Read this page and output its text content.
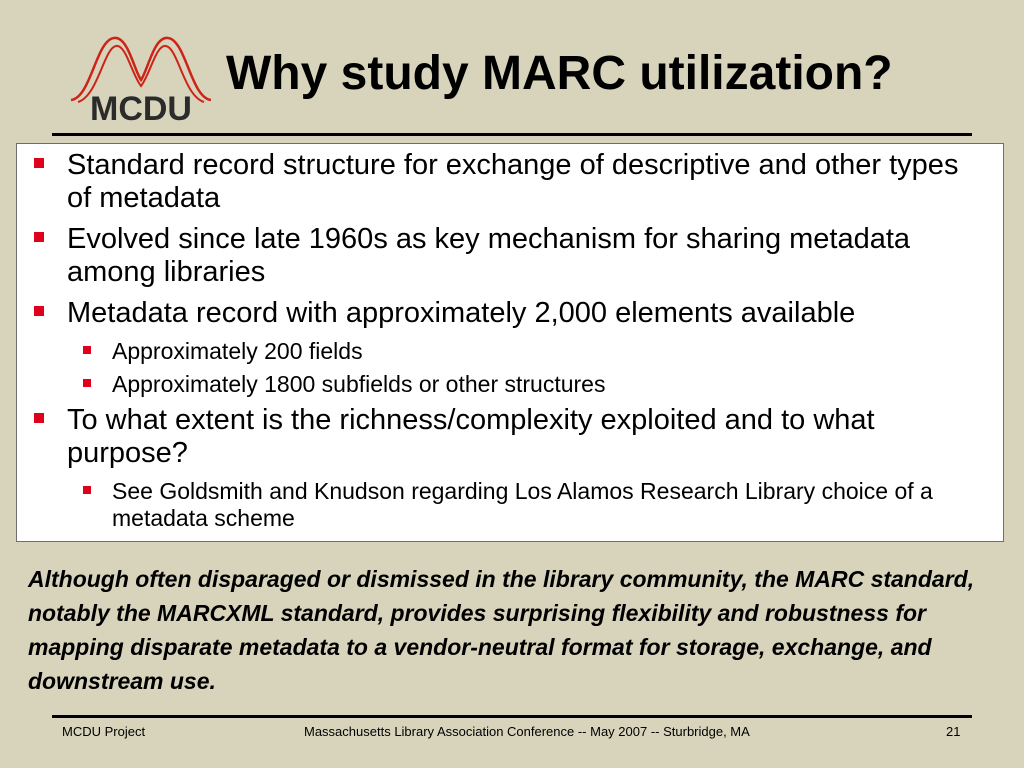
MCDU
Why study MARC utilization?
Standard record structure for exchange of descriptive and other types of metadata
Evolved since late 1960s as key mechanism for sharing metadata among libraries
Metadata record with approximately 2,000 elements available
Approximately 200 fields
Approximately 1800 subfields or other structures
To what extent is the richness/complexity exploited and to what purpose?
See Goldsmith and Knudson regarding Los Alamos Research Library choice of a metadata scheme
Although often disparaged or dismissed in the library community, the MARC standard, notably the MARCXML standard, provides surprising flexibility and robustness for mapping disparate metadata to a vendor-neutral format for storage, exchange, and downstream use.
MCDU Project	Massachusetts Library Association Conference -- May 2007 -- Sturbridge, MA	21
